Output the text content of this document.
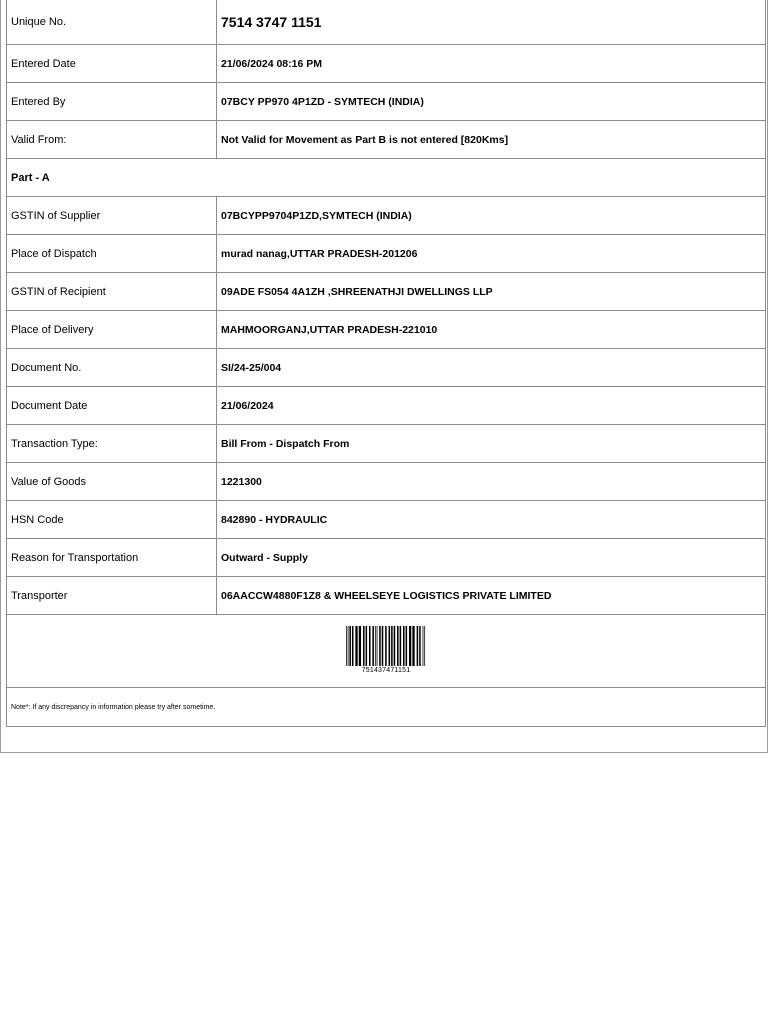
Unique No.	7514 3747 1151
Entered Date	21/06/2024 08:16 PM
Entered By	07BCY PP970 4P1ZD - SYMTECH (INDIA)
Valid From:	Not Valid for Movement as Part B is not entered [820Kms]
Part - A	
GSTIN of Supplier	07BCYPP9704P1ZD,SYMTECH (INDIA)
Place of Dispatch	murad nanag,UTTAR PRADESH-201206
GSTIN of Recipient	09ADE FS054 4A1ZH ,SHREENATHJI DWELLINGS LLP
Place of Delivery	MAHMOORGANJ,UTTAR PRADESH-221010
Document No.	SI/24-25/004
Document Date	21/06/2024
Transaction Type:	Bill From - Dispatch From
Value of Goods	1221300
HSN Code	842890 - HYDRAULIC
Reason for Transportation	Outward - Supply
Transporter	06AACCW4880F1Z8 & WHEELSEYE LOGISTICS PRIVATE LIMITED

751437471151	

Note*: If any discrepancy in information please try after sometime.	
